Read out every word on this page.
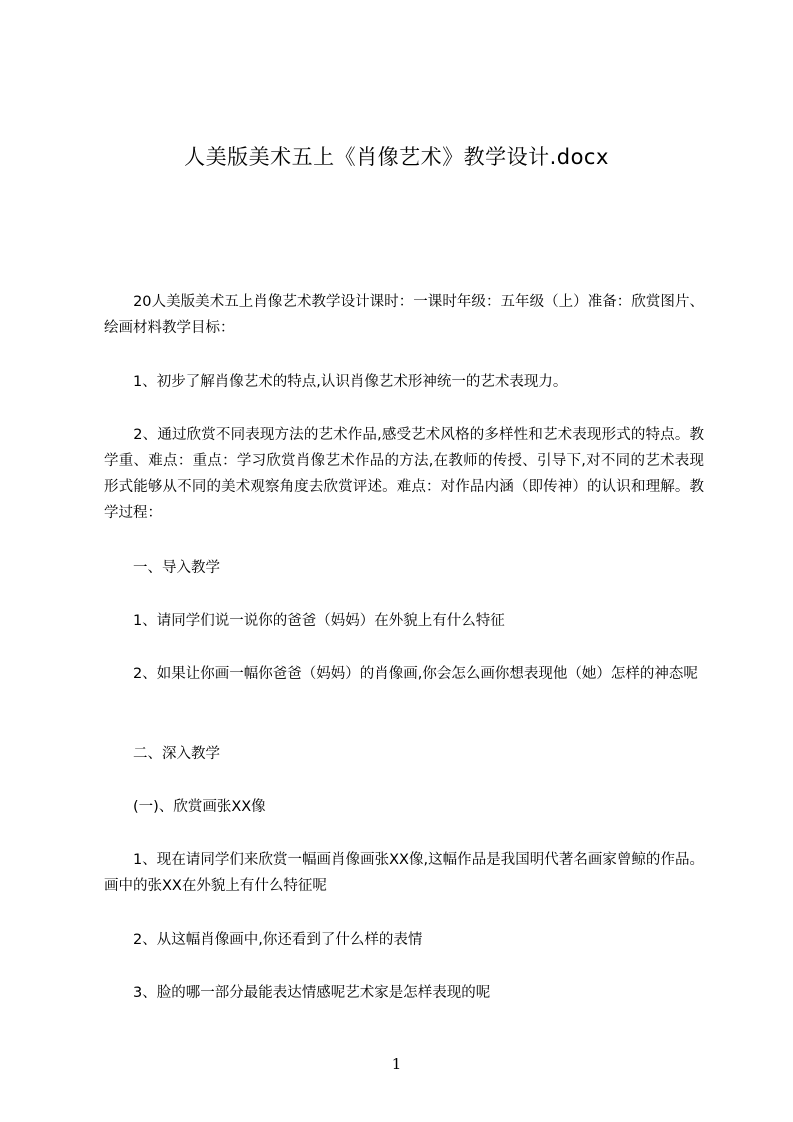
人美版美术五上《肖像艺术》教学设计.docx

　　20人美版美术五上肖像艺术教学设计课时：一课时年级：五年级（上）准备：欣赏图片、绘画材料教学目标：

　　1、初步了解肖像艺术的特点,认识肖像艺术形神统一的艺术表现力。

　　2、通过欣赏不同表现方法的艺术作品,感受艺术风格的多样性和艺术表现形式的特点。教学重、难点：重点：学习欣赏肖像艺术作品的方法,在教师的传授、引导下,对不同的艺术表现形式能够从不同的美术观察角度去欣赏评述。难点：对作品内涵（即传神）的认识和理解。教学过程：

　　一、导入教学

　　1、请同学们说一说你的爸爸（妈妈）在外貌上有什么特征

　　2、如果让你画一幅你爸爸（妈妈）的肖像画,你会怎么画你想表现他（她）怎样的神态呢

　　二、深入教学

　　(一)、欣赏画张XX像

　　1、现在请同学们来欣赏一幅画肖像画张XX像,这幅作品是我国明代著名画家曾鲸的作品。画中的张XX在外貌上有什么特征呢

　　2、从这幅肖像画中,你还看到了什么样的表情

　　3、脸的哪一部分最能表达情感呢艺术家是怎样表现的呢

1
